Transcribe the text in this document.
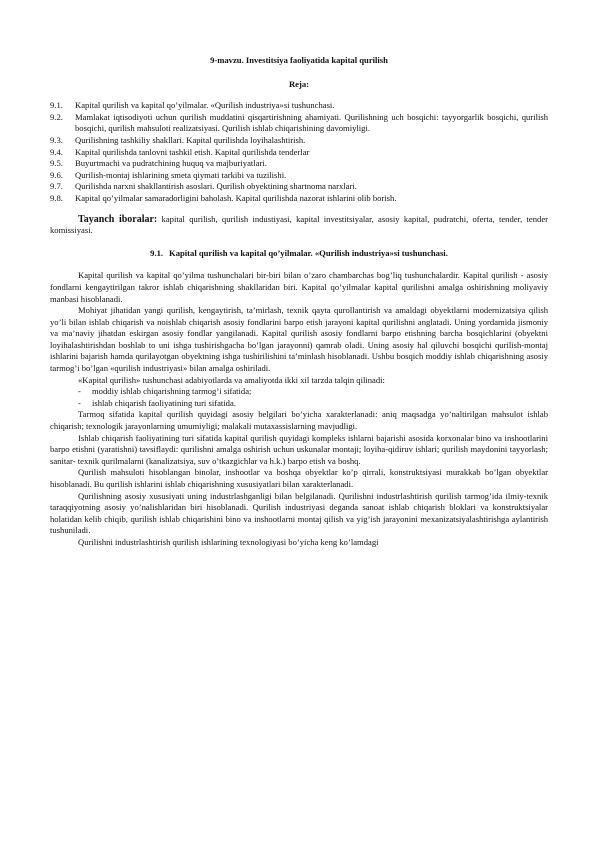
9-mavzu. Investitsiya faoliyatida kapital qurilish
Reja:
9.1.	Kapital qurilish va kapital qo’yilmalar. «Qurilish industriya»si tushunchasi.
9.2.	Mamlakat iqtisodiyoti uchun qurilish muddatini qisqartirishning ahamiyati. Qurilishning uch bosqichi: tayyorgarlik bosqichi, qurilish bosqichi, qurilish mahsuloti realizatsiyasi. Qurilish ishlab chiqarishining davomiyligi.
9.3.	Qurilishning tashkiliy shakllari. Kapital qurilishda loyihalashtirish.
9.4.	Kapital qurilishda tanlovni tashkil etish. Kapital qurilishda tenderlar
9.5.	Buyurtmachi va pudratchining huquq va majburiyatlari.
9.6.	Qurilish-montaj ishlarining smeta qiymati tarkibi va tuzilishi.
9.7.	Qurilishda narxni shakllantirish asoslari. Qurilish obyektining shartnoma narxlari.
9.8.	Kapital qo’yilmalar samaradorligini baholash. Kapital qurilishda nazorat ishlarini olib borish.

Tayanch iboralar: kapital qurilish, qurilish industiyasi, kapital investitsiyalar, asosiy kapital, pudratchi, oferta, tender, tender komissiyasi.

9.1. Kapital qurilish va kapital qo’yilmalar. «Qurilish industriya»si tushunchasi.

Kapital qurilish va kapital qo’yilma tushunchalari bir-biri bilan o’zaro chambarchas bog’liq tushunchalardir. Kapital qurilish - asosiy fondlarni kengaytirilgan takror ishlab chiqarishning shakllaridan biri. Kapital qo’yilmalar kapital qurilishni amalga oshirishning moliyaviy manbasi hisoblanadi.

Mohiyat jihatidan yangi qurilish, kengaytirish, ta’mirlash, texnik qayta qurollantirish va amaldagi obyektlarni modernizatsiya qilish yo’li bilan ishlab chiqarish va noishlab chiqarish asosiy fondlarini barpo etish jarayoni kapital qurilishni anglatadi. Uning yordamida jismoniy va ma’naviy jihatdan eskirgan asosiy fondlar yangilanadi. Kapital qurilish asosiy fondlarni barpo etishning barcha bosqichlarini (obyektni loyihalashtirishdan boshlab to uni ishga tushirishgacha bo’lgan jarayonni) qamrab oladi. Uning asosiy hal qiluvchi bosqichi qurilish-montaj ishlarini bajarish hamda qurilayotgan obyektning ishga tushirilishini ta’minlash hisoblanadi. Ushbu bosqich moddiy ishlab chiqarishning asosiy tarmog’i bo’lgan «qurilish industriyasi» bilan amalga oshiriladi.

«Kapital qurilish» tushunchasi adabiyotlarda va amaliyotda ikki xil tarzda talqin qilinadi:

-	moddiy ishlab chiqarishning tarmog’i sifatida;
-	ishlab chiqarish faoliyatining turi sifatida.

Tarmoq sifatida kapital qurilish quyidagi asosiy belgilari bo’yicha xarakterlanadi: aniq maqsadga yo’naltirilgan mahsulot ishlab chiqarish; texnologik jarayonlarning umumiyligi; malakali mutaxassislarning mavjudligi.

Ishlab chiqarish faoliyatining turi sifatida kapital qurilish quyidagi kompleks ishlarni bajarishi asosida korxonalar bino va inshootlarini barpo etishni (yaratishni) tavsiflaydi: qurilishni amalga oshirish uchun uskunalar montaji; loyiha-qidiruv ishlari; qurilish maydonini tayyorlash; sanitar- texnik qurilmalarni (kanalizatsiya, suv o’tkazgichlar va h.k.) barpo etish va boshq.

Qurilish mahsuloti hisoblangan binolar, inshootlar va boshqa obyektlar ko’p qirrali, konstruktsiyasi murakkab bo’lgan obyektlar hisoblanadi. Bu qurilish ishlarini ishlab chiqarishning xususiyatlari bilan xarakterlanadi.

Qurilishning asosiy xususiyati uning industrlashganligi bilan belgilanadi. Qurilishni industrlashtirish qurilish tarmog’ida ilmiy-texnik taraqqiyotning asosiy yo’nalishlaridan biri hisoblanadi. Qurilish industriyasi deganda sanoat ishlab chiqarish bloklari va konstruktsiyalar holatidan kelib chiqib, qurilish ishlab chiqarishini bino va inshootlarni montaj qilish va yig’ish jarayonini mexanizatsiyalashtirishga aylantirish tushuniladi.

Qurilishni industrlashtirish qurilish ishlarining texnologiyasi bo’yicha keng ko’lamdagi
